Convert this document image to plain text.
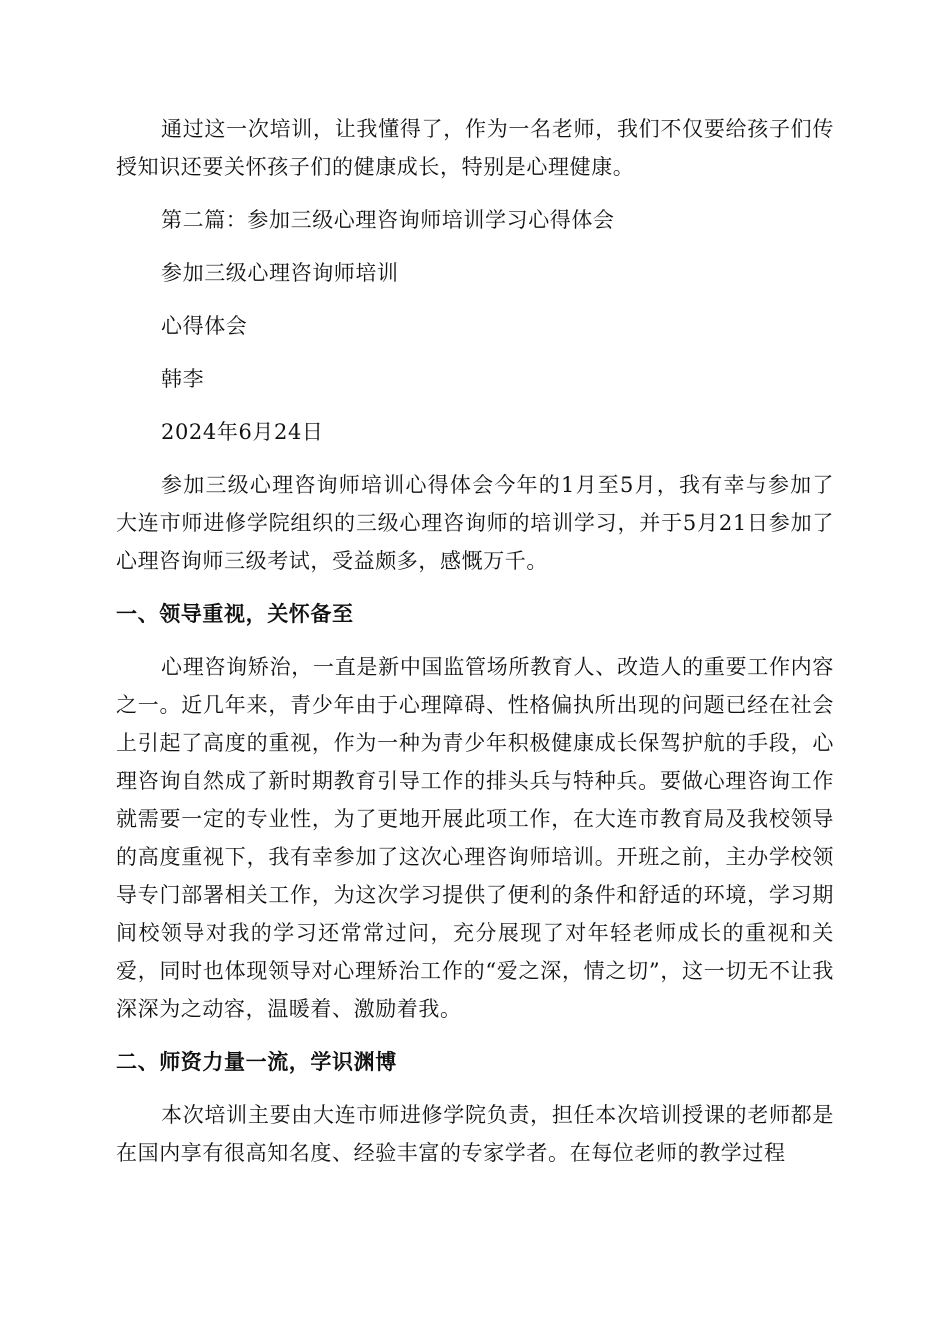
通过这一次培训，让我懂得了，作为一名老师，我们不仅要给孩子们传授知识还要关怀孩子们的健康成长，特别是心理健康。

第二篇：参加三级心理咨询师培训学习心得体会

参加三级心理咨询师培训

心得体会

韩李

2024年6月24日

参加三级心理咨询师培训心得体会今年的1月至5月，我有幸与参加了大连市师进修学院组织的三级心理咨询师的培训学习，并于5月21日参加了心理咨询师三级考试，受益颇多，感慨万千。

一、领导重视，关怀备至

心理咨询矫治，一直是新中国监管场所教育人、改造人的重要工作内容之一。近几年来，青少年由于心理障碍、性格偏执所出现的问题已经在社会上引起了高度的重视，作为一种为青少年积极健康成长保驾护航的手段，心理咨询自然成了新时期教育引导工作的排头兵与特种兵。要做心理咨询工作就需要一定的专业性，为了更地开展此项工作，在大连市教育局及我校领导的高度重视下，我有幸参加了这次心理咨询师培训。开班之前，主办学校领导专门部署相关工作，为这次学习提供了便利的条件和舒适的环境，学习期间校领导对我的学习还常常过问，充分展现了对年轻老师成长的重视和关爱，同时也体现领导对心理矫治工作的“爱之深，情之切”，这一切无不让我深深为之动容，温暖着、激励着我。

二、师资力量一流，学识渊博

本次培训主要由大连市师进修学院负责，担任本次培训授课的老师都是在国内享有很高知名度、经验丰富的专家学者。在每位老师的教学过程
